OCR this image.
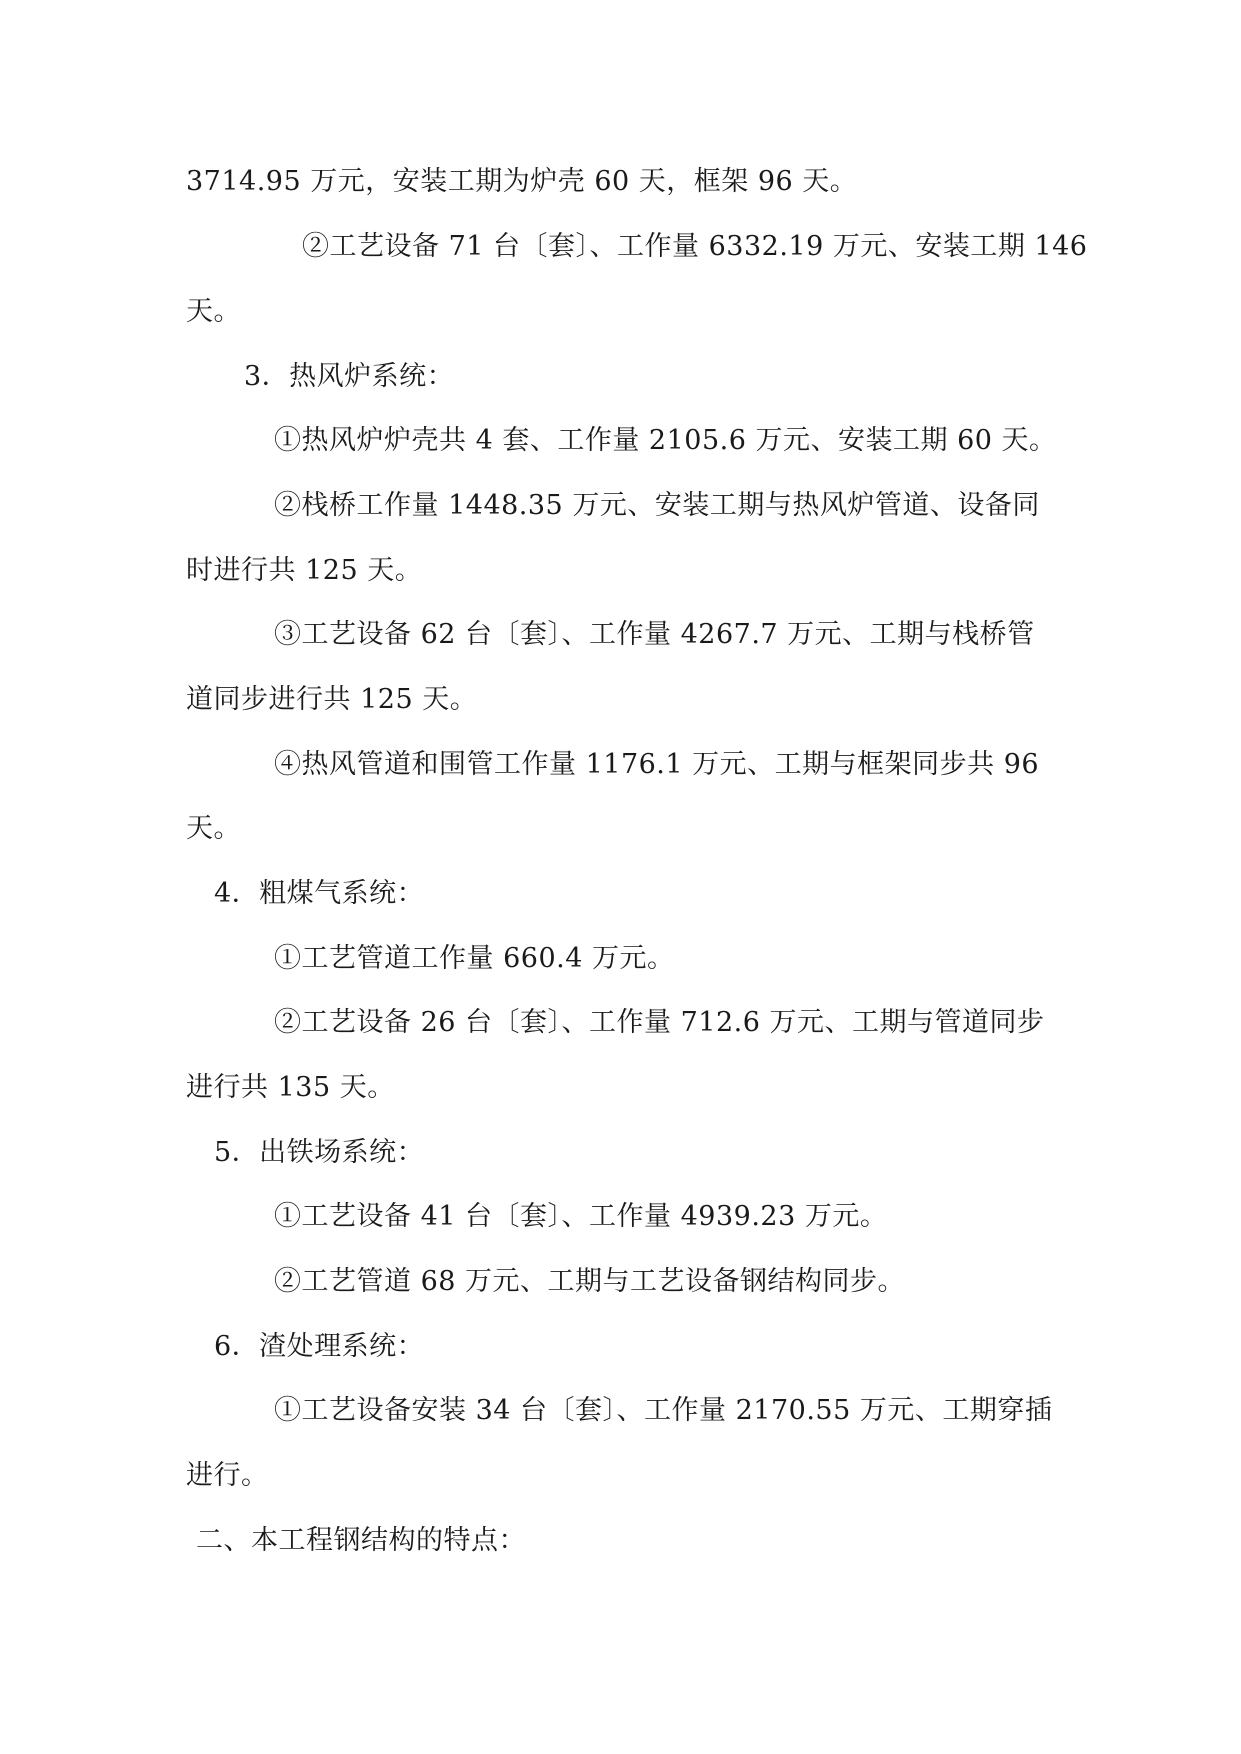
3714.95 万元，安装工期为炉壳 60 天，框架 96 天。
②工艺设备 71 台〔套〕、工作量 6332.19 万元、安装工期 146
天。
3．热风炉系统：
①热风炉炉壳共 4 套、工作量 2105.6 万元、安装工期 60 天。
②栈桥工作量 1448.35 万元、安装工期与热风炉管道、设备同
时进行共 125 天。
③工艺设备 62 台〔套〕、工作量 4267.7 万元、工期与栈桥管
道同步进行共 125 天。
④热风管道和围管工作量 1176.1 万元、工期与框架同步共 96
天。
4．粗煤气系统：
①工艺管道工作量 660.4 万元。
②工艺设备 26 台〔套〕、工作量 712.6 万元、工期与管道同步
进行共 135 天。
5．出铁场系统：
①工艺设备 41 台〔套〕、工作量 4939.23 万元。
②工艺管道 68 万元、工期与工艺设备钢结构同步。
6．渣处理系统：
①工艺设备安装 34 台〔套〕、工作量 2170.55 万元、工期穿插
进行。
二、本工程钢结构的特点：
